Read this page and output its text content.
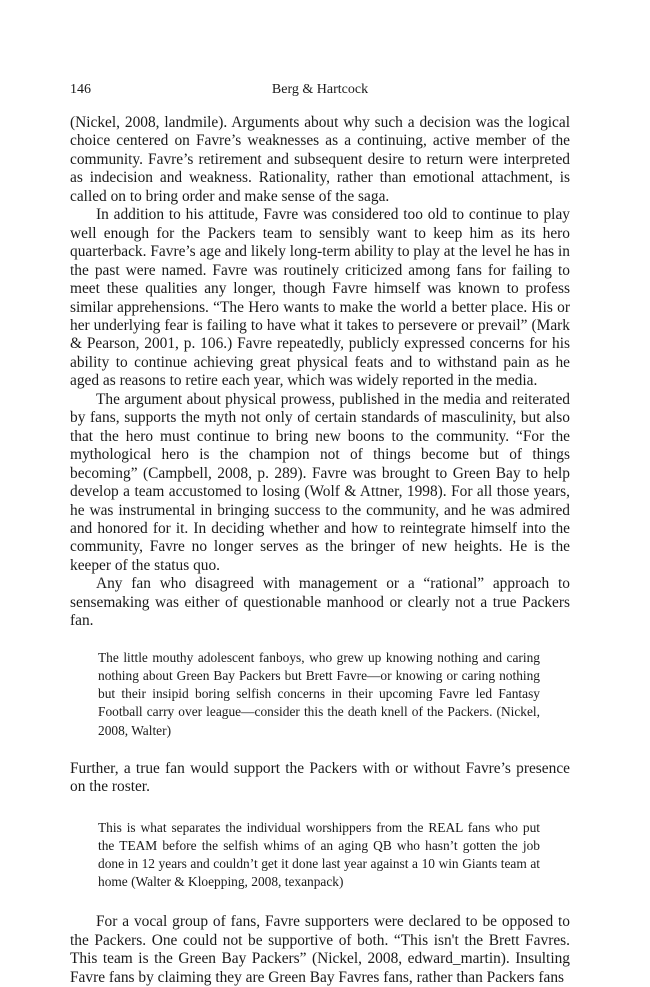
146	Berg & Hartcock

(Nickel, 2008, landmile). Arguments about why such a decision was the logical choice centered on Favre’s weaknesses as a continuing, active member of the community. Favre’s retirement and subsequent desire to return were interpreted as indecision and weakness. Rationality, rather than emotional attachment, is called on to bring order and make sense of the saga.

In addition to his attitude, Favre was considered too old to continue to play well enough for the Packers team to sensibly want to keep him as its hero quarterback. Favre’s age and likely long-term ability to play at the level he has in the past were named. Favre was routinely criticized among fans for failing to meet these qualities any longer, though Favre himself was known to profess similar apprehensions. “The Hero wants to make the world a better place. His or her underlying fear is failing to have what it takes to persevere or prevail” (Mark & Pearson, 2001, p. 106.) Favre repeatedly, publicly expressed concerns for his ability to continue achieving great physical feats and to withstand pain as he aged as reasons to retire each year, which was widely reported in the media.

The argument about physical prowess, published in the media and reiterated by fans, supports the myth not only of certain standards of masculinity, but also that the hero must continue to bring new boons to the community. “For the mythological hero is the champion not of things become but of things becoming” (Campbell, 2008, p. 289). Favre was brought to Green Bay to help develop a team accustomed to losing (Wolf & Attner, 1998). For all those years, he was instrumental in bringing success to the community, and he was admired and honored for it. In deciding whether and how to reintegrate himself into the community, Favre no longer serves as the bringer of new heights. He is the keeper of the status quo.

Any fan who disagreed with management or a “rational” approach to sensemaking was either of questionable manhood or clearly not a true Packers fan.

The little mouthy adolescent fanboys, who grew up knowing nothing and caring nothing about Green Bay Packers but Brett Favre—or knowing or caring nothing but their insipid boring selfish concerns in their upcoming Favre led Fantasy Football carry over league—consider this the death knell of the Packers. (Nickel, 2008, Walter)

Further, a true fan would support the Packers with or without Favre’s presence on the roster.

This is what separates the individual worshippers from the REAL fans who put the TEAM before the selfish whims of an aging QB who hasn’t gotten the job done in 12 years and couldn’t get it done last year against a 10 win Giants team at home (Walter & Kloepping, 2008, texanpack)

For a vocal group of fans, Favre supporters were declared to be opposed to the Packers. One could not be supportive of both. “This isn't the Brett Favres. This team is the Green Bay Packers” (Nickel, 2008, edward_martin). Insulting Favre fans by claiming they are Green Bay Favres fans, rather than Packers fans
